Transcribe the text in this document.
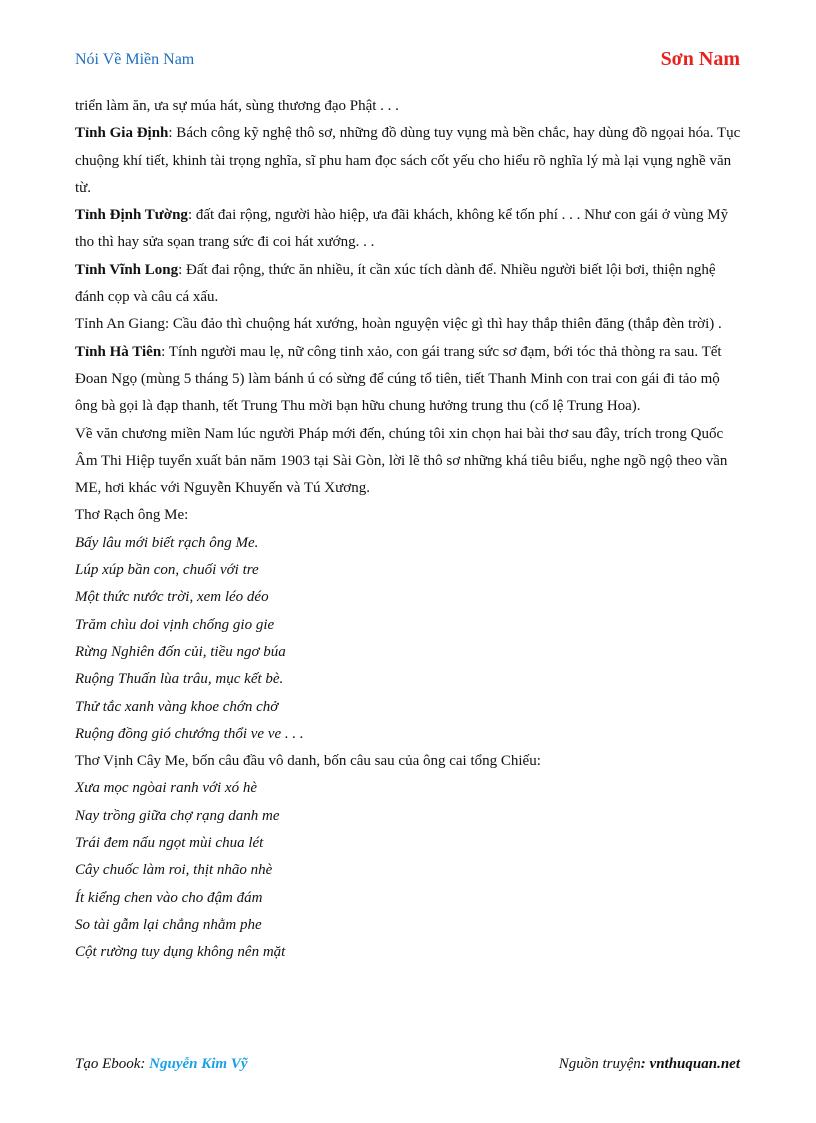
Nói Về Miền Nam	Sơn Nam

triển làm ăn, ưa sự múa hát, sùng thương đạo Phật . . .

Tỉnh Gia Định: Bách công kỹ nghệ thô sơ, những đồ dùng tuy vụng mà bền chắc, hay dùng đồ ngọai hóa. Tục chuộng khí tiết, khinh tài trọng nghĩa, sĩ phu ham đọc sách cốt yếu cho hiểu rõ nghĩa lý mà lại vụng nghề văn từ.

Tỉnh Định Tường: đất đai rộng, người hào hiệp, ưa đãi khách, không kể tốn phí . . . Như con gái ở vùng Mỹ tho thì hay sửa sọan trang sức đi coi hát xướng. . .

Tỉnh Vĩnh Long: Đất đai rộng, thức ăn nhiều, ít cần xúc tích dành để. Nhiều người biết lội bơi, thiện nghệ đánh cọp và câu cá xấu.

Tỉnh An Giang: Cầu đảo thì chuộng hát xướng, hoàn nguyện việc gì thì hay thắp thiên đăng (thắp đèn trời) .

Tỉnh Hà Tiên: Tính người mau lẹ, nữ công tinh xảo, con gái trang sức sơ đạm, bới tóc thả thòng ra sau. Tết Đoan Ngọ (mùng 5 tháng 5) làm bánh ú có sừng để cúng tổ tiên, tiết Thanh Minh con trai con gái đi tảo mộ ông bà gọi là đạp thanh, tết Trung Thu mời bạn hữu chung hưởng trung thu (cổ lệ Trung Hoa).

Về văn chương miền Nam lúc người Pháp mới đến, chúng tôi xin chọn hai bài thơ sau đây, trích trong Quốc Âm Thi Hiệp tuyển xuất bản năm 1903 tại Sài Gòn, lời lẽ thô sơ những khá tiêu biểu, nghe ngồ ngộ theo vần ME, hơi khác với Nguyễn Khuyến và Tú Xương.

Thơ Rạch ông Me:

Bấy lâu mới biết rạch ông Me.

Lúp xúp bần con, chuối với tre

Một thức nước trời, xem léo déo

Trăm chìu doi vịnh chống gio gie

Rừng Nghiên đốn củi, tiều ngơ búa

Ruộng Thuấn lùa trâu, mục kết bè.

Thử tắc xanh vàng khoe chớn chở

Ruộng đồng gió chướng thổi ve ve . . .

Thơ Vịnh Cây Me, bốn câu đầu vô danh, bốn câu sau của ông cai tổng Chiếu:

Xưa mọc ngòai ranh với xó hè

Nay trồng giữa chợ rạng danh me

Trái đem nấu ngọt mùi chua lét

Cây chuốc làm roi, thịt nhão nhè

Ít kiểng chen vào cho đậm đám

So tài gẫm lại chẳng nhằm phe

Cột rường tuy dụng không nên mặt

Tạo Ebook: Nguyễn Kim Vỹ	Nguồn truyện: vnthuquan.net
